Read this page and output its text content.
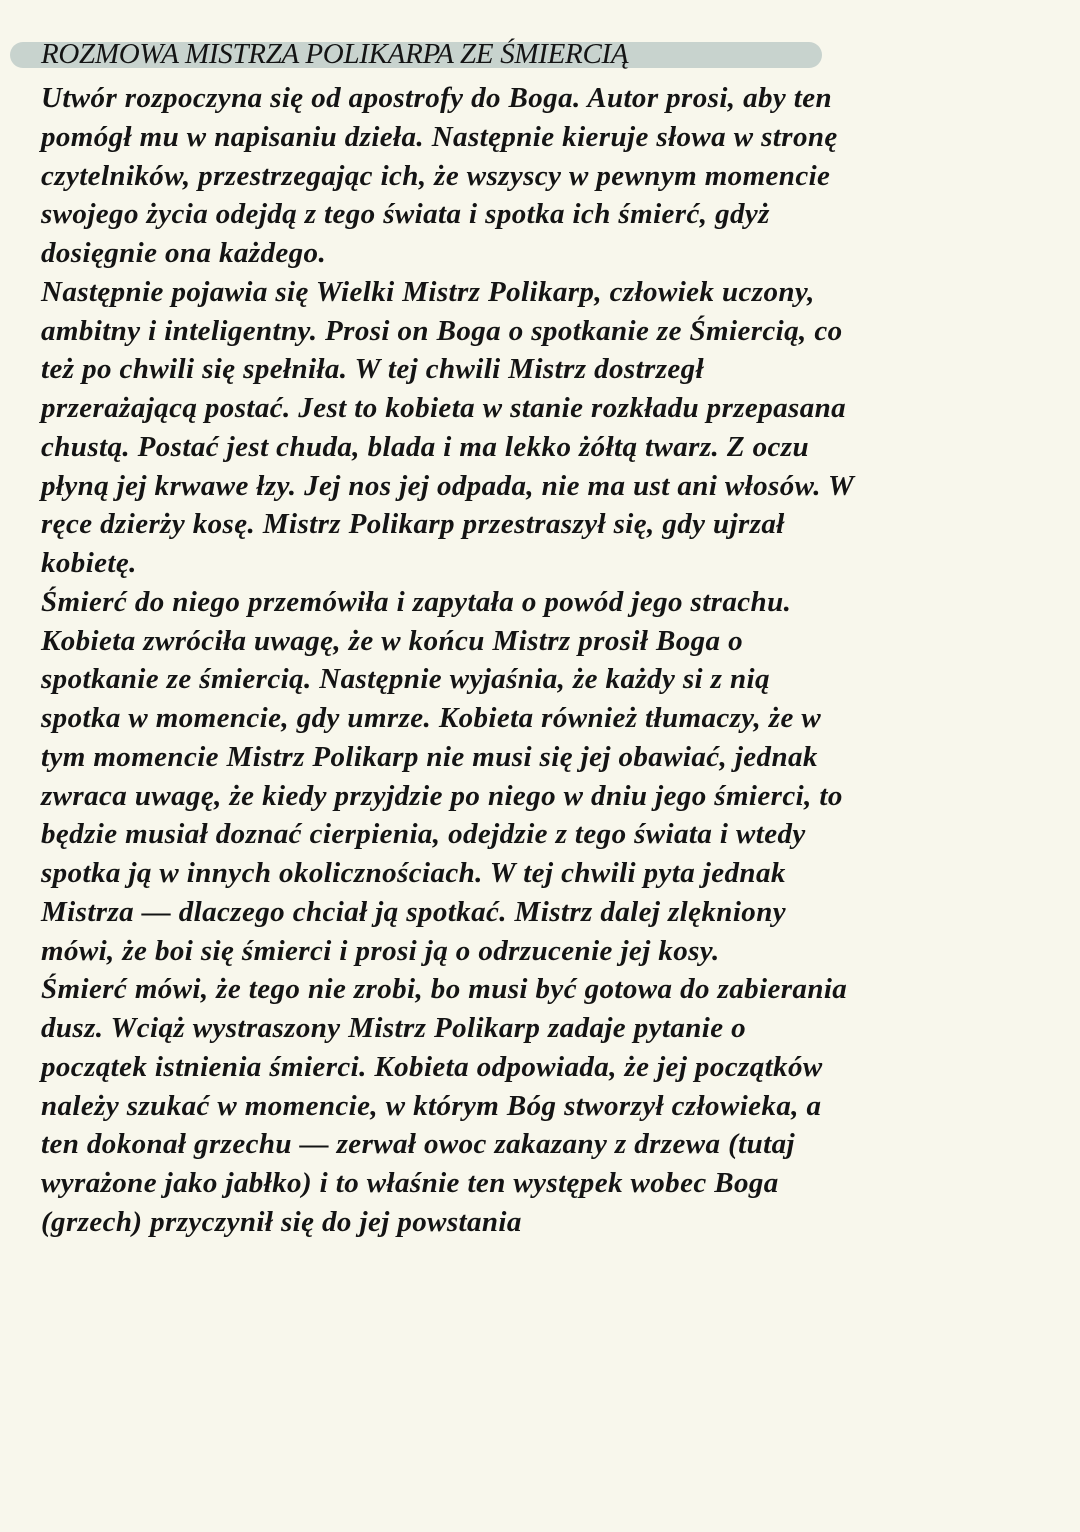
ROZMOWA MISTRZA POLIKARPA ZE ŚMIERCIĄ
Utwór rozpoczyna się od apostrofy do Boga. Autor prosi, aby ten
pomógł mu w napisaniu dzieła. Następnie kieruje słowa w stronę
czytelników, przestrzegając ich, że wszyscy w pewnym momencie
swojego życia odejdą z tego świata i spotka ich śmierć, gdyż
dosięgnie ona każdego.
Następnie pojawia się Wielki Mistrz Polikarp, człowiek uczony,
ambitny i inteligentny. Prosi on Boga o spotkanie ze Śmiercią, co
też po chwili się spełniła. W tej chwili Mistrz dostrzegł
przerażającą postać. Jest to kobieta w stanie rozkładu przepasana
chustą. Postać jest chuda, blada i ma lekko żółtą twarz. Z oczu
płyną jej krwawe łzy. Jej nos jej odpada, nie ma ust ani włosów. W
ręce dzierży kosę. Mistrz Polikarp przestraszył się, gdy ujrzał
kobietę.
Śmierć do niego przemówiła i zapytała o powód jego strachu.
Kobieta zwróciła uwagę, że w końcu Mistrz prosił Boga o
spotkanie ze śmiercią. Następnie wyjaśnia, że każdy si z nią
spotka w momencie, gdy umrze. Kobieta również tłumaczy, że w
tym momencie Mistrz Polikarp nie musi się jej obawiać, jednak
zwraca uwagę, że kiedy przyjdzie po niego w dniu jego śmierci, to
będzie musiał doznać cierpienia, odejdzie z tego świata i wtedy
spotka ją w innych okolicznościach. W tej chwili pyta jednak
Mistrza — dlaczego chciał ją spotkać. Mistrz dalej zlękniony
mówi, że boi się śmierci i prosi ją o odrzucenie jej kosy.
Śmierć mówi, że tego nie zrobi, bo musi być gotowa do zabierania
dusz. Wciąż wystraszony Mistrz Polikarp zadaje pytanie o
początek istnienia śmierci. Kobieta odpowiada, że jej początków
należy szukać w momencie, w którym Bóg stworzył człowieka, a
ten dokonał grzechu — zerwał owoc zakazany z drzewa (tutaj
wyrażone jako jabłko) i to właśnie ten występek wobec Boga
(grzech) przyczynił się do jej powstania
